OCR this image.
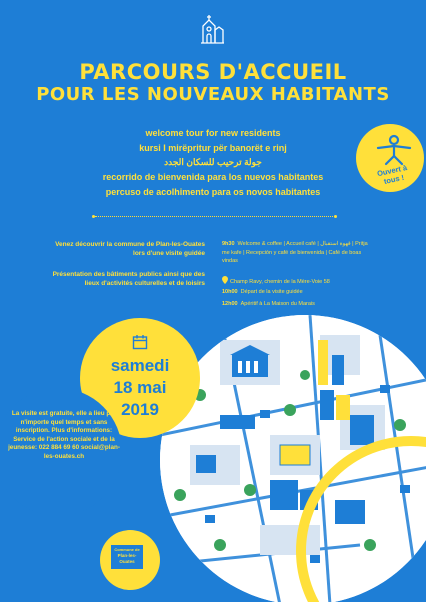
PARCOURS D'ACCUEIL
POUR LES NOUVEAUX HABITANTS
welcome tour for new residents
kursi I mirëpritur për banorët e rinj
جولة ترحيب للسكان الجدد
recorrido de bienvenida para los nuevos habitantes
percuso de acolhimento para os novos habitantes
Ouvert à tous !
Venez découvrir la commune de Plan-les-Ouates lors d'une visite guidée
Présentation des bâtiments publics ainsi que des lieux d'activités culturelles et de loisirs
9h30 Welcome & coffee | Accueil café | قهوة استقبال | Pritja me kafe | Recepción y café de bienvenida | Café de boas vindas
Champ Ravy, chemin de la Mère-Voie 58
10h00 Départ de la visite guidée
12h00 Apéritif à La Maison du Marais
samedi
18 mai
2019
La visite est gratuite, elle a lieu par n'importe quel temps et sans inscription. Plus d'informations: Service de l'action sociale et de la jeunesse: 022 884 69 60 social@plan-les-ouates.ch
Commune de
Plan-les-Ouates
